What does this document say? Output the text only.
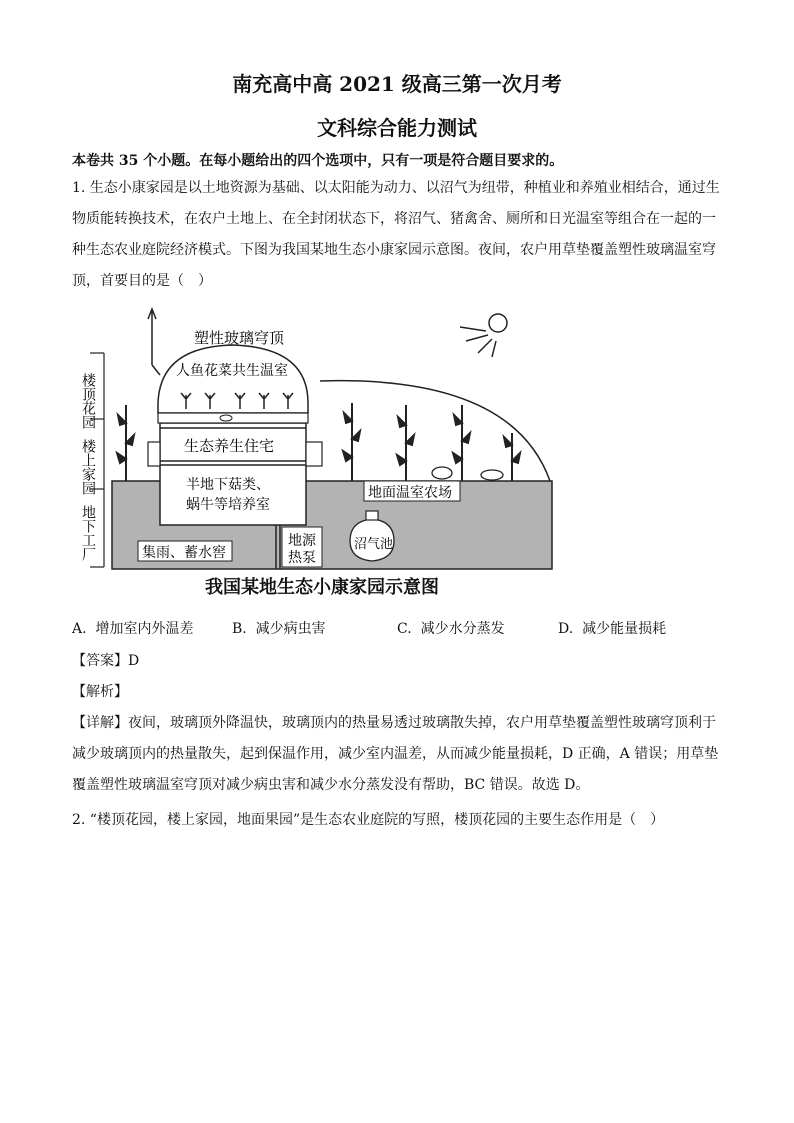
南充高中高 2021 级高三第一次月考
文科综合能力测试
本卷共 35 个小题。在每小题给出的四个选项中，只有一项是符合题目要求的。
1. 生态小康家园是以土地资源为基础、以太阳能为动力、以沼气为纽带，种植业和养殖业相结合，通过生物质能转换技术，在农户土地上、在全封闭状态下，将沼气、猪禽舍、厕所和日光温室等组合在一起的一种生态农业庭院经济模式。下图为我国某地生态小康家园示意图。夜间，农户用草垫覆盖塑性玻璃温室穹顶，首要目的是（　）
楼顶花园
楼上家园
地下工厂
塑性玻璃穹顶
人鱼花菜共生温室
生态养生住宅
半地下菇类、
蜗牛等培养室
地面温室农场
集雨、蓄水窖
地源
热泵
沼气池
我国某地生态小康家园示意图
A. 增加室内外温差	B. 减少病虫害	C. 减少水分蒸发	D. 减少能量损耗
【答案】D
【解析】
【详解】夜间，玻璃顶外降温快，玻璃顶内的热量易透过玻璃散失掉，农户用草垫覆盖塑性玻璃穹顶利于减少玻璃顶内的热量散失，起到保温作用，减少室内温差，从而减少能量损耗，D 正确，A 错误；用草垫覆盖塑性玻璃温室穹顶对减少病虫害和减少水分蒸发没有帮助，BC 错误。故选 D。
2. “楼顶花园，楼上家园，地面果园”是生态农业庭院的写照，楼顶花园的主要生态作用是（　）
